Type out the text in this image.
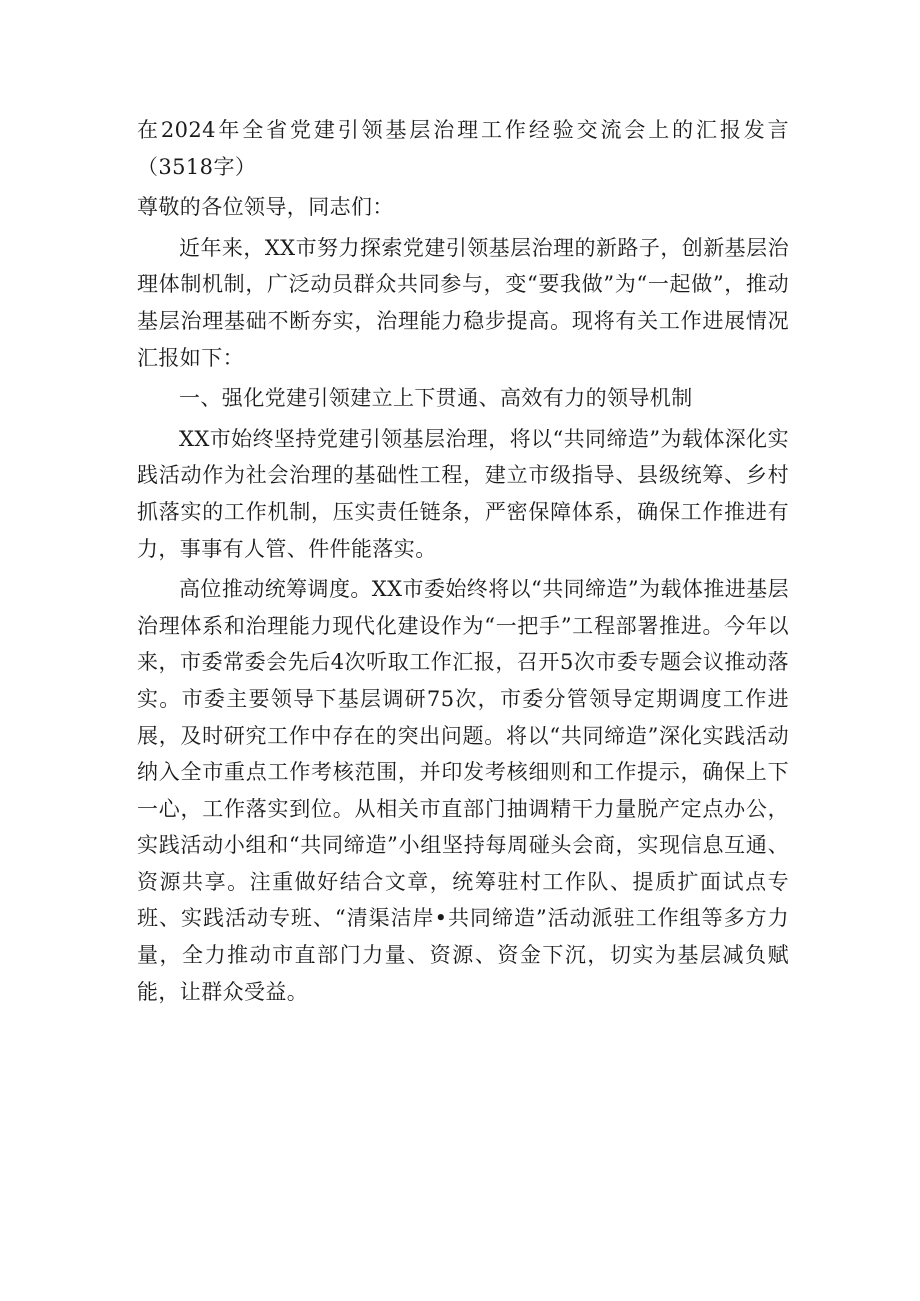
在2024年全省党建引领基层治理工作经验交流会上的汇报发言（3518字）

尊敬的各位领导，同志们：

近年来，XX市努力探索党建引领基层治理的新路子，创新基层治理体制机制，广泛动员群众共同参与，变“要我做”为“一起做”，推动基层治理基础不断夯实，治理能力稳步提高。现将有关工作进展情况汇报如下：

一、强化党建引领建立上下贯通、高效有力的领导机制

XX市始终坚持党建引领基层治理，将以“共同缔造”为载体深化实践活动作为社会治理的基础性工程，建立市级指导、县级统筹、乡村抓落实的工作机制，压实责任链条，严密保障体系，确保工作推进有力，事事有人管、件件能落实。

高位推动统筹调度。XX市委始终将以“共同缔造”为载体推进基层治理体系和治理能力现代化建设作为“一把手”工程部署推进。今年以来，市委常委会先后4次听取工作汇报，召开5次市委专题会议推动落实。市委主要领导下基层调研75次，市委分管领导定期调度工作进展，及时研究工作中存在的突出问题。将以“共同缔造”深化实践活动纳入全市重点工作考核范围，并印发考核细则和工作提示，确保上下一心，工作落实到位。从相关市直部门抽调精干力量脱产定点办公，实践活动小组和“共同缔造”小组坚持每周碰头会商，实现信息互通、资源共享。注重做好结合文章，统筹驻村工作队、提质扩面试点专班、实践活动专班、“清渠洁岸•共同缔造”活动派驻工作组等多方力量，全力推动市直部门力量、资源、资金下沉，切实为基层减负赋能，让群众受益。
